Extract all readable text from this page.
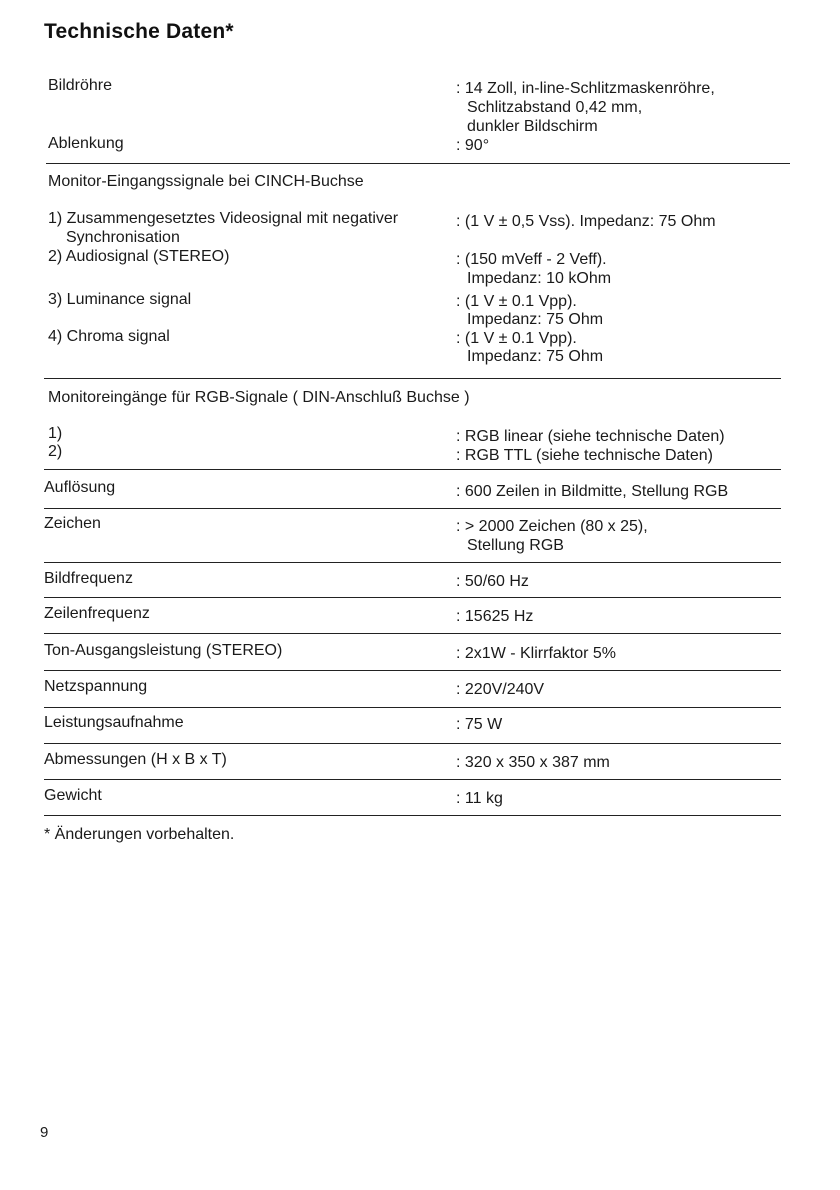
Technische Daten*
Bildröhre	: 14 Zoll, in-line-Schlitzmaskenröhre,
Schlitzabstand 0,42 mm,
dunkler Bildschirm
Ablenkung	: 90°
Monitor-Eingangssignale bei CINCH-Buchse
1) Zusammengesetztes Videosignal mit negativer
Synchronisation
: (1 V ± 0,5 Vss). Impedanz: 75 Ohm
2) Audiosignal (STEREO)	: (150 mVeff - 2 Veff).
Impedanz: 10 kOhm
3) Luminance signal	: (1 V ± 0.1 Vpp).
Impedanz: 75 Ohm
4) Chroma signal	: (1 V ± 0.1 Vpp).
Impedanz: 75 Ohm
Monitoreingänge für RGB-Signale ( DIN-Anschluß Buchse )
1)	: RGB linear (siehe technische Daten)
2)	: RGB TTL (siehe technische Daten)
Auflösung	: 600 Zeilen in Bildmitte, Stellung RGB
Zeichen	: > 2000 Zeichen (80 x 25),
Stellung RGB
Bildfrequenz	: 50/60 Hz
Zeilenfrequenz	: 15625 Hz
Ton-Ausgangsleistung (STEREO)	: 2x1W - Klirrfaktor 5%
Netzspannung	: 220V/240V
Leistungsaufnahme	: 75 W
Abmessungen (H x B x T)	: 320 x 350 x 387 mm
Gewicht	: 11 kg
* Änderungen vorbehalten.
9
